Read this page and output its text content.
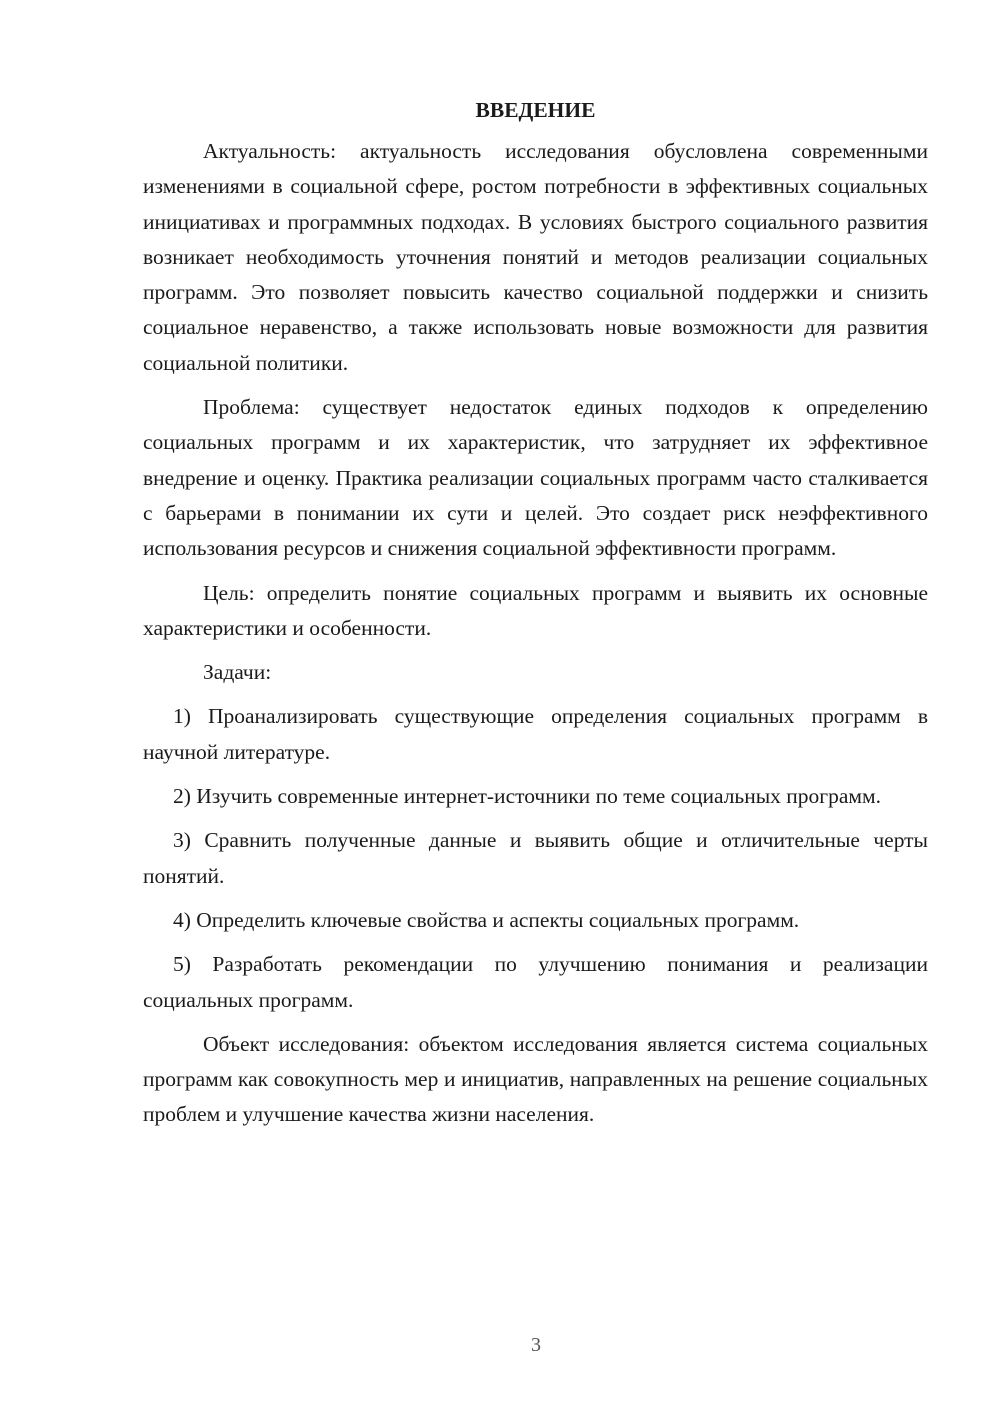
ВВЕДЕНИЕ

Актуальность: актуальность исследования обусловлена современными изменениями в социальной сфере, ростом потребности в эффективных социальных инициативах и программных подходах. В условиях быстрого социального развития возникает необходимость уточнения понятий и методов реализации социальных программ. Это позволяет повысить качество социальной поддержки и снизить социальное неравенство, а также использовать новые возможности для развития социальной политики.

Проблема: существует недостаток единых подходов к определению социальных программ и их характеристик, что затрудняет их эффективное внедрение и оценку. Практика реализации социальных программ часто сталкивается с барьерами в понимании их сути и целей. Это создает риск неэффективного использования ресурсов и снижения социальной эффективности программ.

Цель: определить понятие социальных программ и выявить их основные характеристики и особенности.

Задачи:

1) Проанализировать существующие определения социальных программ в научной литературе.

2) Изучить современные интернет-источники по теме социальных программ.

3) Сравнить полученные данные и выявить общие и отличительные черты понятий.

4) Определить ключевые свойства и аспекты социальных программ.

5) Разработать рекомендации по улучшению понимания и реализации социальных программ.

Объект исследования: объектом исследования является система социальных программ как совокупность мер и инициатив, направленных на решение социальных проблем и улучшение качества жизни населения.

3
